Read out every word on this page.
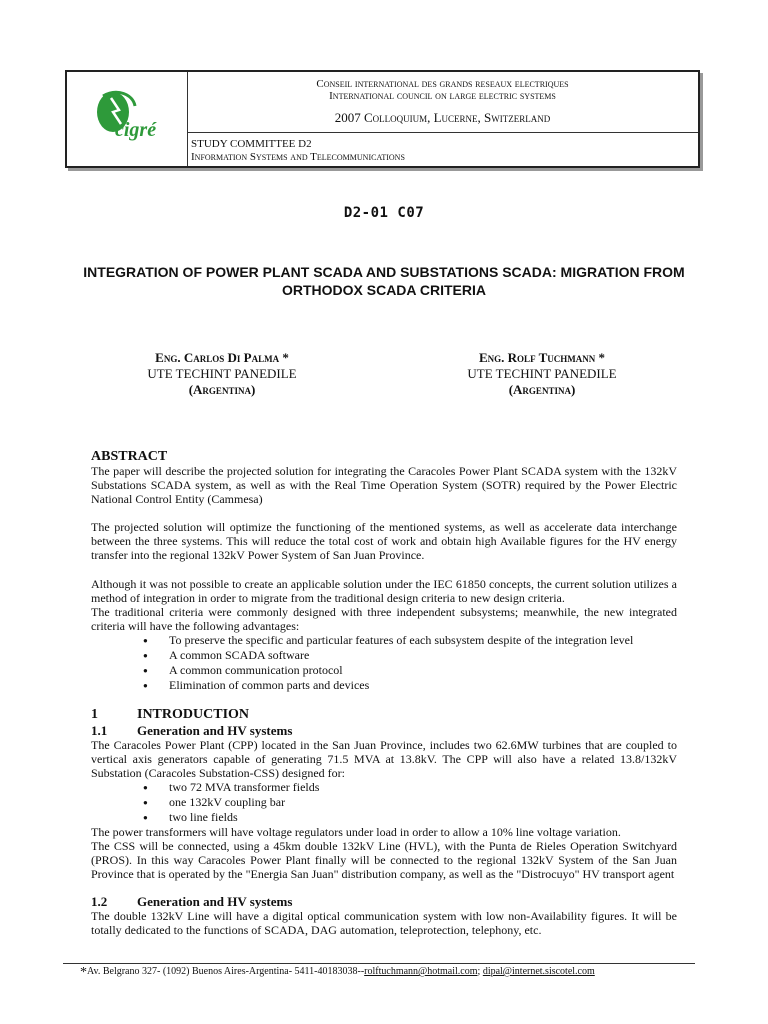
cigré
Conseil international des grands reseaux electriques
International council on large electric systems
2007 Colloquium, Lucerne, Switzerland
STUDY COMMITTEE D2
Information Systems and Telecommunications
D2-01 C07
INTEGRATION OF POWER PLANT SCADA AND SUBSTATIONS SCADA: MIGRATION FROM ORTHODOX SCADA CRITERIA
Eng. Carlos Di Palma *
UTE TECHINT PANEDILE
(Argentina)
Eng. Rolf Tuchmann *
UTE TECHINT PANEDILE
(Argentina)
ABSTRACT
The paper will describe the projected solution for integrating the Caracoles Power Plant SCADA system with the 132kV Substations SCADA system, as well as with the Real Time Operation System (SOTR) required by the Power Electric National Control Entity (Cammesa)
The projected solution will optimize the functioning of the mentioned systems, as well as accelerate data interchange between the three systems. This will reduce the total cost of work and obtain high Available figures for the HV energy transfer into the regional 132kV Power System of San Juan Province.
Although it was not possible to create an applicable solution under the IEC 61850 concepts, the current solution utilizes a method of integration in order to migrate from the traditional design criteria to new design criteria.
The traditional criteria were commonly designed with three independent subsystems; meanwhile, the new integrated criteria will have the following advantages:
● To preserve the specific and particular features of each subsystem despite of the integration level
● A common SCADA software
● A common communication protocol
● Elimination of common parts and devices
1	INTRODUCTION
1.1 Generation and HV systems
The Caracoles Power Plant (CPP) located in the San Juan Province, includes two 62.6MW turbines that are coupled to vertical axis generators capable of generating 71.5 MVA at 13.8kV. The CPP will also have a related 13.8/132kV Substation (Caracoles Substation-CSS) designed for:
● two 72 MVA transformer fields
● one 132kV coupling bar
● two line fields
The power transformers will have voltage regulators under load in order to allow a 10% line voltage variation.
The CSS will be connected, using a 45km double 132kV Line (HVL), with the Punta de Rieles Operation Switchyard (PROS). In this way Caracoles Power Plant finally will be connected to the regional 132kV System of the San Juan Province that is operated by the "Energia San Juan" distribution company, as well as the "Distrocuyo" HV transport agent
1.2 Generation and HV systems
The double 132kV Line will have a digital optical communication system with low non-Availability figures. It will be totally dedicated to the functions of SCADA, DAG automation, teleprotection, telephony, etc.
*Av. Belgrano 327- (1092) Buenos Aires-Argentina- 5411-40183038--rolftuchmann@hotmail.com; dipal@internet.siscotel.com
